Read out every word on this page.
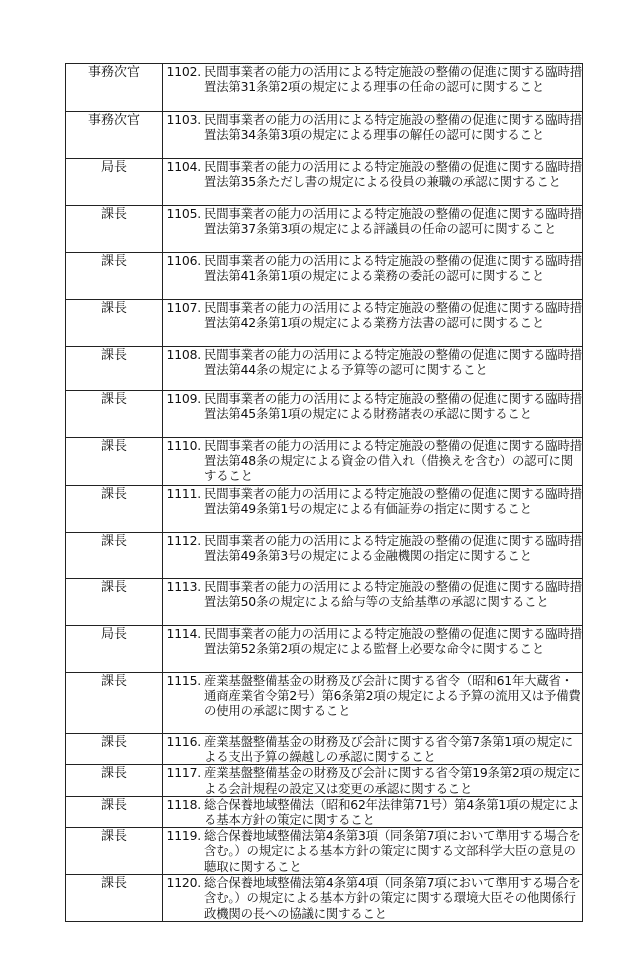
事務次官	1102. 民間事業者の能力の活用による特定施設の整備の促進に関する臨時措置法第31条第2項の規定による理事の任命の認可に関すること

事務次官	1103. 民間事業者の能力の活用による特定施設の整備の促進に関する臨時措置法第34条第3項の規定による理事の解任の認可に関すること

局長	1104. 民間事業者の能力の活用による特定施設の整備の促進に関する臨時措置法第35条ただし書の規定による役員の兼職の承認に関すること

課長	1105. 民間事業者の能力の活用による特定施設の整備の促進に関する臨時措置法第37条第3項の規定による評議員の任命の認可に関すること

課長	1106. 民間事業者の能力の活用による特定施設の整備の促進に関する臨時措置法第41条第1項の規定による業務の委託の認可に関すること

課長	1107. 民間事業者の能力の活用による特定施設の整備の促進に関する臨時措置法第42条第1項の規定による業務方法書の認可に関すること

課長	1108. 民間事業者の能力の活用による特定施設の整備の促進に関する臨時措置法第44条の規定による予算等の認可に関すること

課長	1109. 民間事業者の能力の活用による特定施設の整備の促進に関する臨時措置法第45条第1項の規定による財務諸表の承認に関すること

課長	1110. 民間事業者の能力の活用による特定施設の整備の促進に関する臨時措置法第48条の規定による資金の借入れ（借換えを含む）の認可に関すること

課長	1111. 民間事業者の能力の活用による特定施設の整備の促進に関する臨時措置法第49条第1号の規定による有価証券の指定に関すること

課長	1112. 民間事業者の能力の活用による特定施設の整備の促進に関する臨時措置法第49条第3号の規定による金融機関の指定に関すること

課長	1113. 民間事業者の能力の活用による特定施設の整備の促進に関する臨時措置法第50条の規定による給与等の支給基準の承認に関すること

局長	1114. 民間事業者の能力の活用による特定施設の整備の促進に関する臨時措置法第52条第2項の規定による監督上必要な命令に関すること

課長	1115. 産業基盤整備基金の財務及び会計に関する省令（昭和61年大蔵省・通商産業省令第2号）第6条第2項の規定による予算の流用又は予備費の使用の承認に関すること

課長	1116. 産業基盤整備基金の財務及び会計に関する省令第7条第1項の規定による支出予算の繰越しの承認に関すること

課長	1117. 産業基盤整備基金の財務及び会計に関する省令第19条第2項の規定による会計規程の設定又は変更の承認に関すること

課長	1118. 総合保養地域整備法（昭和62年法律第71号）第4条第1項の規定による基本方針の策定に関すること

課長	1119. 総合保養地域整備法第4条第3項（同条第7項において準用する場合を含む。）の規定による基本方針の策定に関する文部科学大臣の意見の聴取に関すること

課長	1120. 総合保養地域整備法第4条第4項（同条第7項において準用する場合を含む。）の規定による基本方針の策定に関する環境大臣その他関係行政機関の長への協議に関すること
